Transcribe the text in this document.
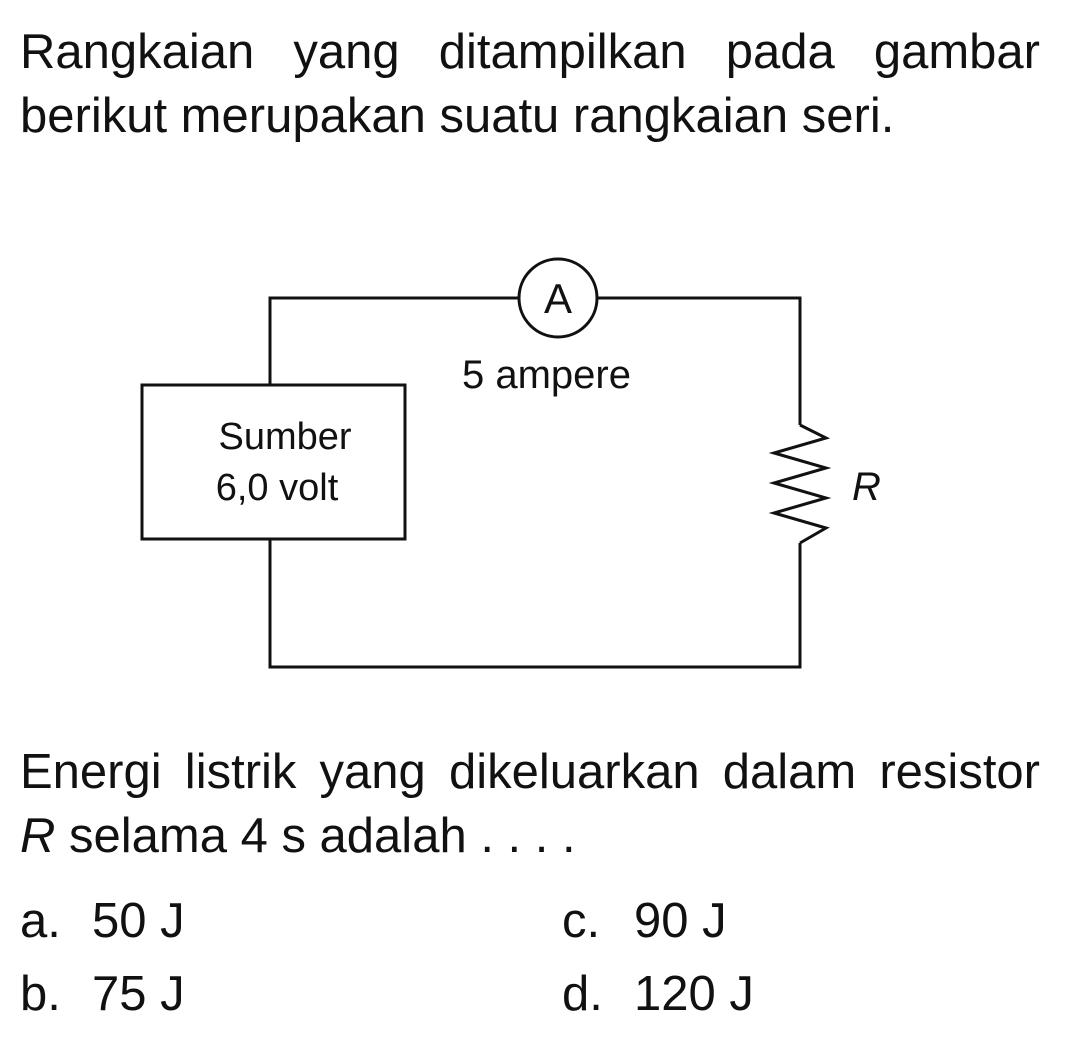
Rangkaian yang ditampilkan pada gambar berikut merupakan suatu rangkaian seri.
A
5 ampere
Sumber
6,0 volt	R
Energi listrik yang dikeluarkan dalam resistor R selama 4 s adalah . . . .
a. 50 J	c. 90 J
b. 75 J	d. 120 J
